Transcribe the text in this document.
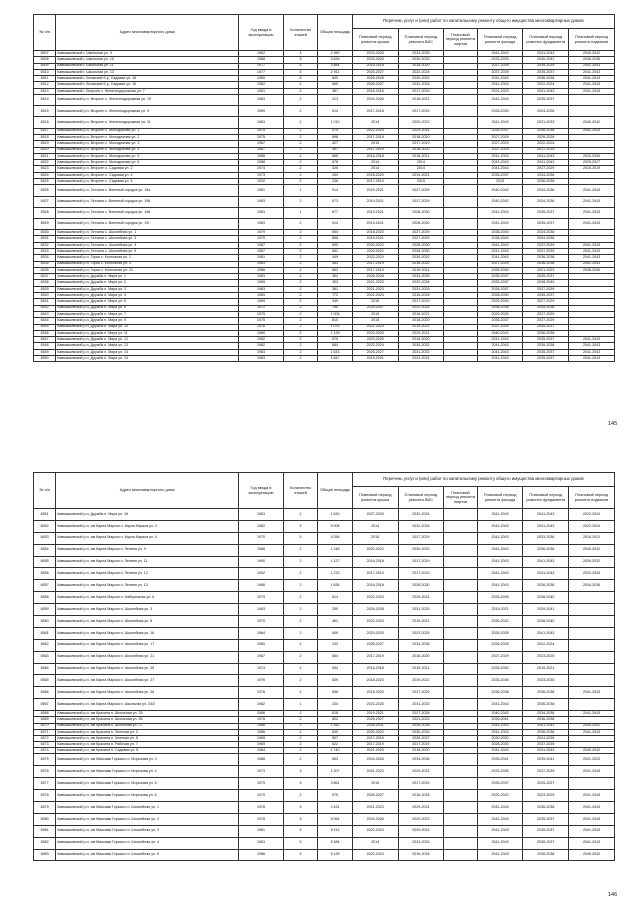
№ п/п	Адрес многоквартирного дома	Год ввода в эксплуатацию	Количество этажей	Общая площадь	Перечень услуг и (или) работ по капитальному ремонту общего имущества многоквартирных домов					
					Плановый период ремонта крыши	Плановый период ремонта ВИС	Плановый период ремонта лифтов	Плановый период ремонта фасада	Плановый период ремонта фундамента	Плановый период ремонта подвалов
6507	Кавмышевский г. Шкельная ул. 9	1962	4	2 360	2024-2026	2033-2035		2041-2043	2041-2043	2040-2042
6508	Кавмышевский г. Шкельная ул. 10	1968	5	3 826	2023-2025	2030-2032		2033-2033	2040-2042	2036-2036
6509	Кавмышевский г. Школьная ул. 11	1977	5	3 884	2015-2018	2018-2020		2037-2039	2039-2039	2041-2043
6510	Кавмышевский г. Школьная ул. 13	1977	5	2 911	2025-2027	2022-2024		2037-2039	2035-2037	2041-2043
6511	Кавмышевский г. Волжский б-р, Садовая ул. 18	1960	6	840	2025-2028	2030-2032		2041-2043	2036-2038	2041-2043
6512	Кавмышевский г. Волжский б-р, Садовая ул. 16	1962	2	665	2026-2027	2032-2034		2041-2043	2022-2024	2041-2043
6513	Кавмышевский г. Вторсен с. Железнодорожная ул. 7	1961	2	387	2016-2016	2017-2019		2021-2023	2041-2043	2041-2043
6514	Кавмышевский р-н, Вторсен с. Железнодорожная ул. 7б	1983	2	313	2024-2026	2018-2021		2041-2043	2035-2037	
6515	Кавмышевский р-н, Вторсен с. Железнодорожная ул. 9	1969	2	514	2017-2018	2017-2019		2028-2030	2024-2026	
6516	Кавмышевский р-н, Вторсен с. Железнодорожная ул. 11	1963	2	1 010	2014	2020-2022		2041-2043	2031-2033	2040-2042
6517	Кавмышевский р-н, Вторсен с. Молодежная ул. 1	1975	2	574	2022-2024	2029-2031		2035-2037	2036-2038	2041-2043
6518	Кавмышевский р-н, Вторсен с. Молодежная ул. 2	1975	2	896	2017-2018	2018-2020		2027-2029	2026-2028	
6519	Кавмышевский р-н, Вторсен с. Молодежная ул. 3	1967	2	427	2015	2017-2019		2027-2029	2022-2024	
6520	Кавмышевский р-н, Вторсен с. Молодежная ул. 4	1967	2	397	2017-2019	2018-2020		2027-2029	2017-2019	
6521	Кавмышевский р-н, Вторсен с. Молодежная ул. 5	1968	2	665	2016-2018	2018-2021		2041-2043	2041-2043	2033-2035
6522	Кавмышевский р-н, Вторсен с. Молодежная ул. 6	1968	2	678	2014	2014		2041-2043	2041-2043	2025-2027
6523	Кавмышевский р-н, Вторсен с. Садовая ул. 2	1974	2	426	2014	2014		2041-2043	2027-2029	2016-2019
6524	Кавмышевский р-н, Вторсен с. Садовая ул. 4	1973	2	433	2018-2020	2019-2021		2035-2037	2034-2036	
6525	Кавмышевский р-н, Вторсен с. Садовая ул. 5	1932	2	236	2017-2019	2015		2015	2036-2038	
6526	Кавмышевский р-н, Гатчина с. Военный городок ул. 19а	1981	1	914	2019-2021	2027-2029		2040-2042	2034-2036	2041-2043
6527	Кавмышевский р-н, Гатчина с. Военный городок ул. 196	1983	2	673	2019-2021	2027-2029		2040-2042	2034-2036	2041-2043
6528	Кавмышевский р-н, Гатчина с. Военный городок ул. 19в	1983	1	677	2019-2021	2028-2030		2041-2043	2035-2037	2041-2043
6529	Кавмышевский р-н, Гатчина с. Военный городок ул. 19г	1983	2	914	2019-2021	2028-2030		2041-2043	2035-2037	2041-2043
6530	Кавмышевский р-н, Гатчина с. Шоссейная ул. 1	1979	2	554	2018-2020	2027-2029		2038-2040	2034-2036	
6531	Кавмышевский р-н, Гатчина с. Шоссейная ул. 3	1979	2	566	2019-2021	2027-2029		2038-2040	2034-2036	
6532	Кавмышевский р-н, Гатчина с. Шоссейная ул. 4	1987	2	590	2020-2022	2028-2030		2041-2043	2037-2039	2041-2043
6533	Кавмышевский р-н, Гатчина с. Шоссейная ул. 5	1987	2	661	2020-2022	2028-2030		2041-2043	2037-2039	2041-2043
6534	Кавмышевский р-н, Горки с. Колхозная ул. 1	1981	2	449	2022-2024	2030-2032		2041-2043	2036-2038	2041-2043
6535	Кавмышевский р-н, Горки с. Колхозная ул. 3	1983	2	463	2017-2019	2018-2020		2027-2029	2036-2038	2041-2043
6536	Кавмышевский р-н, Горки с. Колхозная ул. 21	1966	2	663	2017-2019	2019-2021		2028-2030	2021-2023	2038-2040
6537	Кавмышевский р-н, Дружба п. Мира ул. 1	1963	2	364	2026-2028	2033-2035		2035-2037	2035-2037	
6538	Кавмышевский р-н, Дружба п. Мира ул. 2	1965	2	353	2021-2023	2032-2034		2035-2037	2038-2040	
6539	Кавмышевский р-н, Дружба п. Мира ул. 3	1963	2	361	2021-2023	2031-2033		2035-2037	2037-2039	
6540	Кавмышевский р-н, Дружба п. Мира ул. 4	1969	2	772	2022-2024	2016-2018		2028-2030	2035-2037	
6541	Кавмышевский р-н, Дружба п. Мира ул. 5	1969	2	349	2015	2017-2019		2029-2030	2027-2029	
6542	Кавмышевский р-н, Дружба п. Мира ул. 6	1972	2	760	2025-2027	2022-2024		2036-2038	2034-2036	
6543	Кавмышевский р-н, Дружба п. Мира ул. 7	1975	2	1 006	2015	2018-2021		2029-2030	2027-2029	
6544	Кавмышевский р-н, Дружба п. Мира ул. 9	1975	2	815	2015	2018-2020		2035-2037	2027-2029	
6545	Кавмышевский р-н, Дружба п. Мира ул. 10	1978	2	1 076	2021-2023	2019-2021		2037-2039	2035-2037	
6546	Кавмышевский р-н, Дружба п. Мира ул. 11	1980	2	1 128	2023-2025	2029-2031		2040-2042	2036-2038	
6547	Кавмышевский р-н, Дружба п. Мира ул. 12	1982	2	979	2023-2025	2018-2020		2041-2043	2035-2037	2041-2043
6548	Кавмышевский р-н, Дружба п. Мира ул. 13	1982	2	684	2022-2024	2030-2032		2041-2043	2036-2038	2041-2043
6549	Кавмышевский р-н, Дружба п. Мира ул. 14	1983	2	1 643	2026-2027	2031-2033		2041-2043	2035-2037	2041-2043
6550	Кавмышевский р-н, Дружба п. Мира ул. 14	1983	2	1 647	2019-2021	2022-2024		2041-2043	2035-2037	2041-2043
145
№ п/п	Адрес многоквартирного дома	Год ввода в эксплуатацию	Количество этажей	Общая площадь	Перечень услуг и (или) работ по капитальному ремонту общего имущества многоквартирных домов					
					Плановый период ремонта крыши	Плановый период ремонта ВИС	Плановый период ремонта лифтов	Плановый период ремонта фасада	Плановый период ремонта фундамента	Плановый период ремонта подвалов
6551	Кавмышевский р-н, Дружба п. Мира ул. 16	1983	2	1 630	2027-2029	2032-2034		2041-2043	2041-2043	2022-2024
6552	Кавмышевский р-н, им Карла Маркса п. Карла Маркса ул. 2	1982	5	5 006	2014	2032-2034		2041-2043	2041-2043	2022-2024
6553	Кавмышевский р-н, им Карла Маркса п. Карла Маркса ул. 4	1970	5	5 256	2015	2027-2029		2041-2043	2033-2036	2018-2021
6554	Кавмышевский р-н, им Карла Маркса п. Ленина ул. 9	1988	2	1 248	2020-2022	2030-2032		2041-2043	2036-2038	2040-2042
6555	Кавмышевский р-н, им Карла Маркса п. Ленина ул. 11	1990	2	1 127	2016-2018	2017-2019		2041-2043	2041-2043	2030-2032
6556	Кавмышевский р-н, им Карла Маркса п. Ленина ул. 12	1992	2	1 233	2017-2019	2017-2019		2041-2043	2041-2043	2032-2034
6557	Кавмышевский р-н, им Карла Маркса п. Ленина ул. 13	1986	2	1 636	2016-2018	2028-2030		2041-2043	2036-2038	2034-2036
6558	Кавмышевский р-н, им Карла Маркса п. Набережная ул. 6	1979	2	614	2022-2024	2029-2031		2033-2035	2038-2040	
6559	Кавмышевский р-н, им Карла Маркса п. Шоссейная ул. 3	1963	2	250	2026-2028	2031-2033		2019-2021	2039-2041	
6560	Кавмышевский р-н, им Карла Маркса п. Шоссейная ул. 8	1970	2	461	2022-2024	2019-2021		2030-2032	2038-2040	
6561	Кавмышевский р-н, им Карла Маркса п. Шоссейная ул. 16	1984	2	409	2023-2025	2023-2025		2026-2028	2041-2043	
6562	Кавмышевский р-н, им Карла Маркса п. Шоссейная ул. 17	1960	2	243	2025-2027	2034-2036		2026-2028	2022-2024	
6563	Кавмышевский р-н, им Карла Маркса п. Шоссейная ул. 21	1967	2	564	2017-2019	2018-2020		2027-2029	2023-2025	
6564	Кавмышевский р-н, им Карла Маркса п. Шоссейная ул. 25	1974	2	554	2016-2018	2019-2021		2028-2030	2019-2021	
6565	Кавмышевский р-н, им Карла Маркса п. Шоссейная ул. 27	1976	2	639	2018-2020	2019-2021		2034-2036	2033-2035	
6566	Кавмышевский р-н, им Карла Маркса п. Шоссейная ул. 28	1978	2	658	2018-2020	2027-2029		2036-2038	2036-2038	2041-2043
6567	Кавмышевский р-н, им Карла Маркса п. Школьная ул. 24/2	1982	1	334	2023-2025	2031-2033		2041-2043	2036-2038	
6568	Кавмышевский р-н, им Красина п. Школьная ул. 25	1986	2	618	2019-2021	2027-2028		2040-2042	2034-2036	2041-2043
6569	Кавмышевский р-н, им Красина п. Школьная ул. 26	1978	2	802	2025-2027	2021-2023		2039-2041	2036-2038	
6570	Кавмышевский р-н, им Красина п. Школьная ул. 27	1986	2	1 542	2026-2031	2026-2028		2041-2043	2041-2043	2040-2042
6571	Кавмышевский р-н, им Красина п. Зеленая ул. 3	1986	2	640	2020-2022	2030-2032		2041-2043	2036-2038	2041-2043
6572	Кавмышевский р-н, им Красина п. Зеленая ул. 5	1965	2	507	2017-2019	2026-2027		2030-2032	2024-2026	
6573	Кавмышевский р-н, им Красина п. Рабочая ул. 7	1969	2	622	2017-2019	2017-2019		2028-2030	2037-2039	
6574	Кавмышевский р-н, им Красина п. Садовая ул. 8	1984	2	1 740	2021-2023	2018-2020		2041-2043	2041-2043	2040-2042
6575	Кавмышевский р-н, им Максима Горького п. Морозова ул. 3	1988	2	563	2024-2026	2034-2036		2039-2041	2039-2041	2021-2023
6576	Кавмышевский р-н, им Максима Горького п. Морозова ул. 4	1973	3	1 207	2021-2023	2029-2031		2033-2035	2037-2039	2041-2043
6577	Кавмышевский р-н, им Максима Горького п. Морозова ул. 5	1975	5	3 861	2015	2017-2019		2035-2037	2025-2027	
6578	Кавмышевский р-н, им Максима Горького п. Морозова ул. 6	1970	2	675	2025-2027	2016-2018		2020-2022	2023-2025	2041-2043
6579	Кавмышевский р-н, им Максима Горького п. Шоссейная ул. 1	1978	5	2 431	2021-2023	2029-2031		2041-2043	2036-2038	2041-2043
6580	Кавмышевский р-н, им Максима Горького п. Шоссейная ул. 2	1978	5	5 064	2024-2026	2020-2022		2041-2043	2035-2037	2041-2043
6581	Кавмышевский р-н, им Максима Горького п. Шоссейная ул. 3	1981	5	5 113	2022-2024	2029-2031		2041-2043	2035-2037	2041-2043
6582	Кавмышевский р-н, им Максима Горького п. Шоссейная ул. 4	1983	5	5 384	2014	2023-2025		2041-2043	2035-2037	2041-2043
6583	Кавмышевский р-н, им Максима Горького п. Шоссейная ул. 6	1986	5	5 126	2022-2024	2016-2018		2041-2043	2036-2038	2040-2042
146
